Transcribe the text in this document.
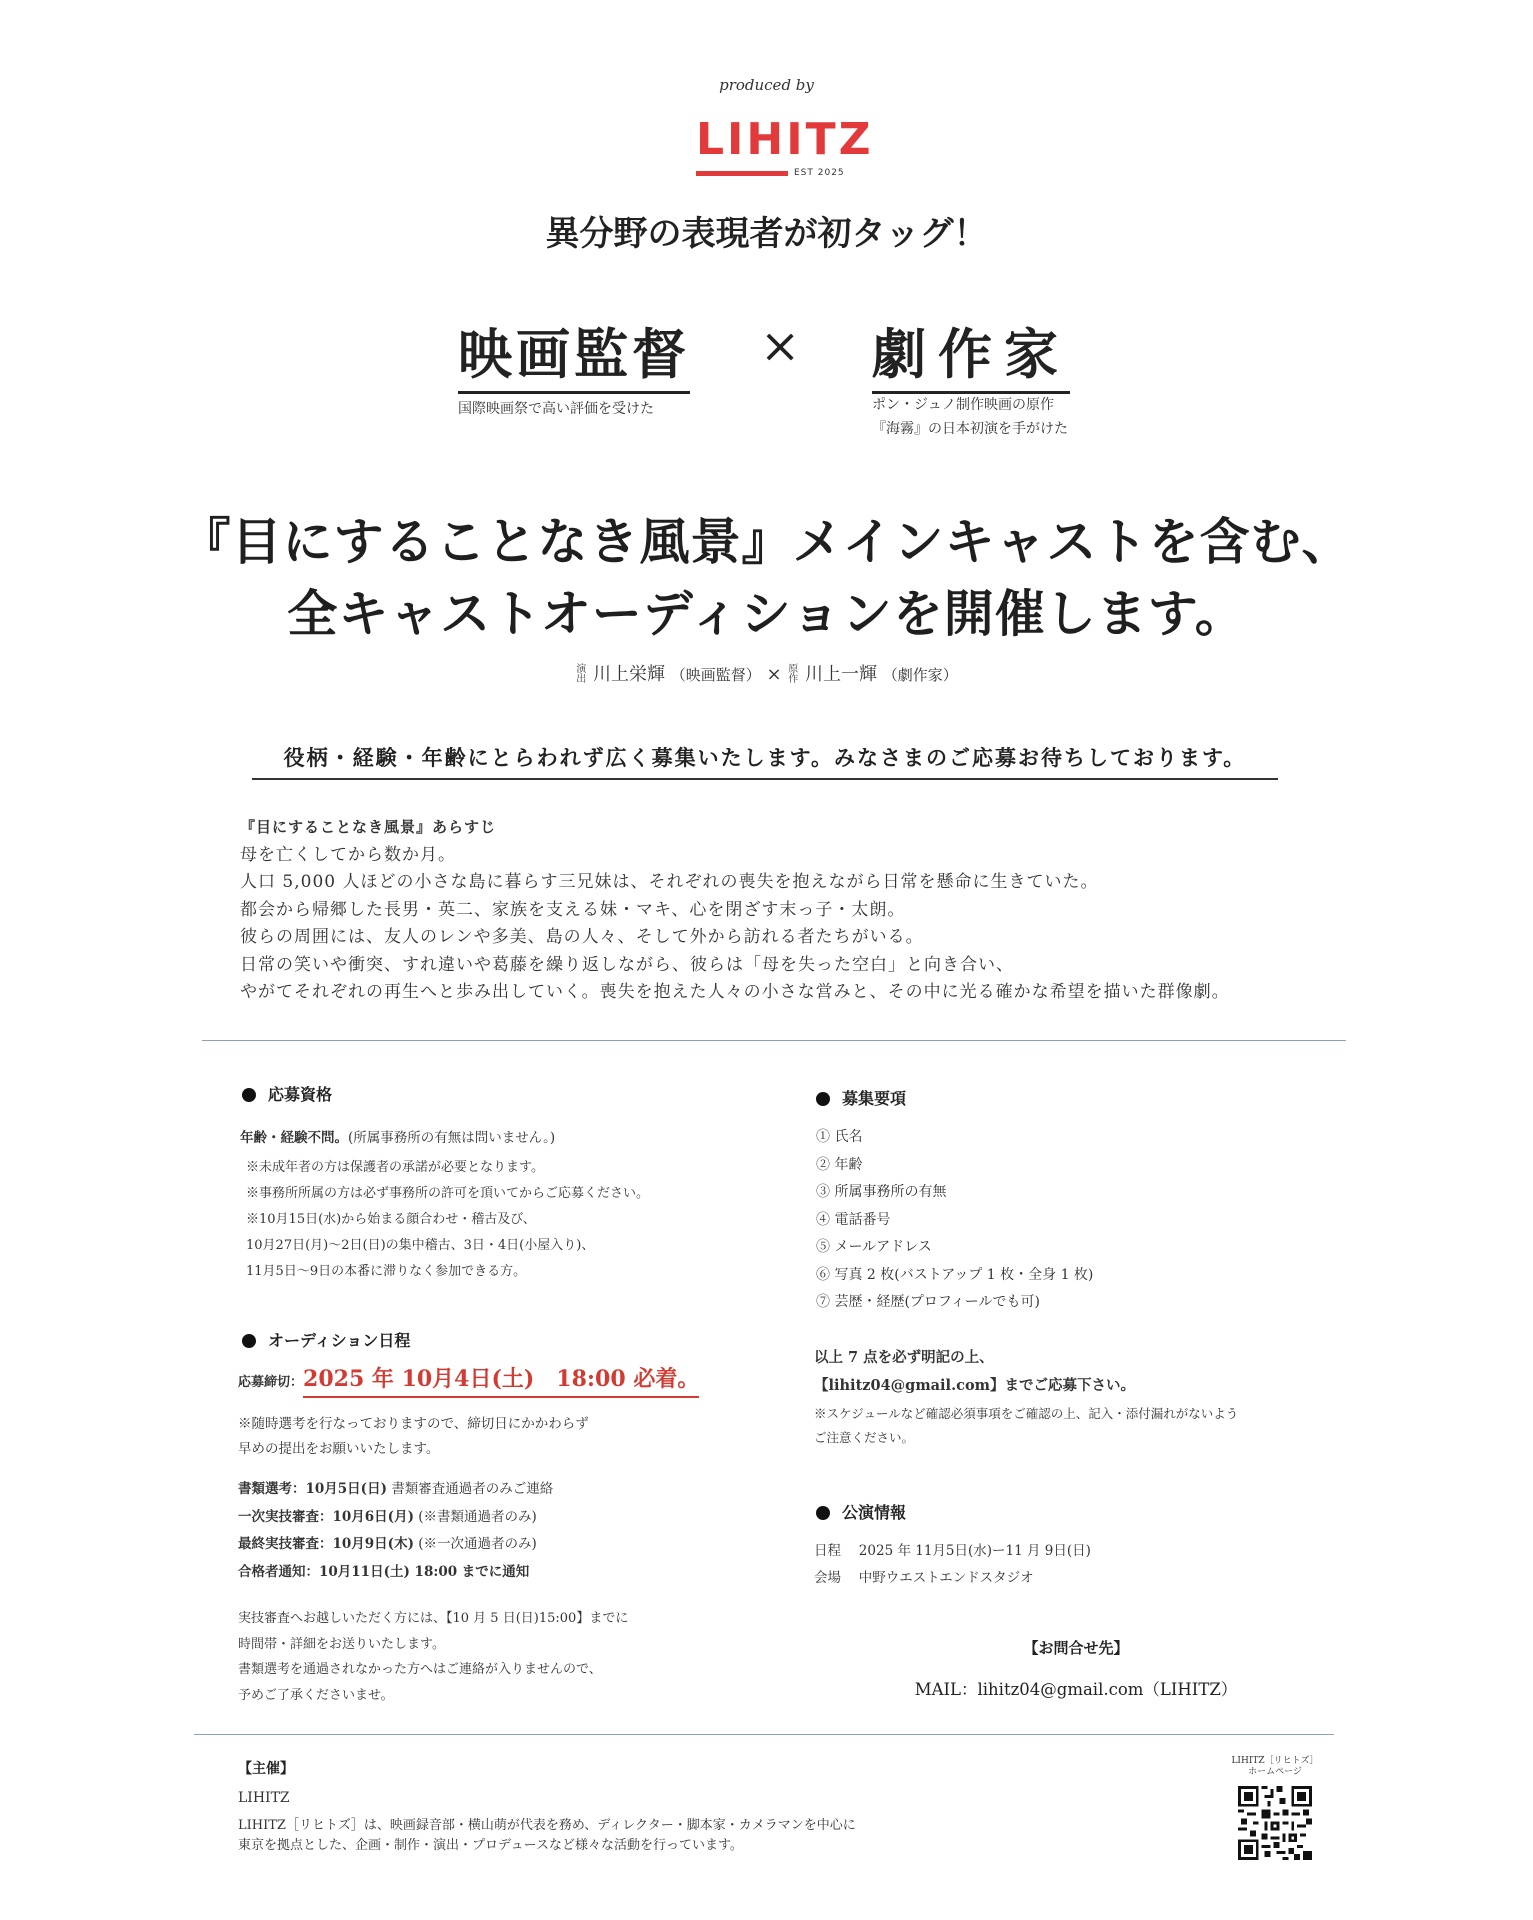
produced by
LIHITZ
EST 2025
異分野の表現者が初タッグ！
映画監督 × 劇作家
国際映画祭で高い評価を受けた	ポン・ジュノ制作映画の原作
『海霧』の日本初演を手がけた
『目にすることなき風景』メインキャストを含む、
全キャストオーディションを開催します。
演出 川上栄輝 （映画監督） × 原作 川上一輝 （劇作家）
役柄・経験・年齢にとらわれず広く募集いたします。みなさまのご応募お待ちしております。
『目にすることなき風景』あらすじ
母を亡くしてから数か月。
人口 5,000 人ほどの小さな島に暮らす三兄妹は、それぞれの喪失を抱えながら日常を懸命に生きていた。
都会から帰郷した長男・英二、家族を支える妹・マキ、心を閉ざす末っ子・太朗。
彼らの周囲には、友人のレンや多美、島の人々、そして外から訪れる者たちがいる。
日常の笑いや衝突、すれ違いや葛藤を繰り返しながら、彼らは「母を失った空白」と向き合い、
やがてそれぞれの再生へと歩み出していく。喪失を抱えた人々の小さな営みと、その中に光る確かな希望を描いた群像劇。
応募資格
年齢・経験不問。(所属事務所の有無は問いません。)
※未成年者の方は保護者の承諾が必要となります。
※事務所所属の方は必ず事務所の許可を頂いてからご応募ください。
※10月15日(水)から始まる顔合わせ・稽古及び、
10月27日(月)〜2日(日)の集中稽古、3日・4日(小屋入り)、
11月5日〜9日の本番に滞りなく参加できる方。
オーディション日程
応募締切：2025 年 10月4日(土)　18:00 必着。
※随時選考を行なっておりますので、締切日にかかわらず
早めの提出をお願いいたします。
書類選考：10月5日(日) 書類審査通過者のみご連絡
一次実技審査：10月6日(月) (※書類通過者のみ)
最終実技審査：10月9日(木) (※一次通過者のみ)
合格者通知：10月11日(土) 18:00 までに通知
実技審査へお越しいただく方には、【10 月 5 日(日)15:00】までに
時間帯・詳細をお送りいたします。
書類選考を通過されなかった方へはご連絡が入りませんので、
予めご了承くださいませ。
募集要項
① 氏名
② 年齢
③ 所属事務所の有無
④ 電話番号
⑤ メールアドレス
⑥ 写真 2 枚(バストアップ 1 枚・全身 1 枚)
⑦ 芸歴・経歴(プロフィールでも可)
以上 7 点を必ず明記の上、
【lihitz04@gmail.com】までご応募下さい。
※スケジュールなど確認必須事項をご確認の上、記入・添付漏れがないよう
ご注意ください。
公演情報
日程　 2025 年 11月5日(水)ー11 月 9日(日)
会場　 中野ウエストエンドスタジオ
【お問合せ先】
MAIL：lihitz04@gmail.com（LIHITZ）
【主催】
LIHITZ
LIHITZ［リヒトズ］は、映画録音部・横山萌が代表を務め、ディレクター・脚本家・カメラマンを中心に
東京を拠点とした、企画・制作・演出・プロデュースなど様々な活動を行っています。
LIHITZ［リヒトズ］
ホームページ
